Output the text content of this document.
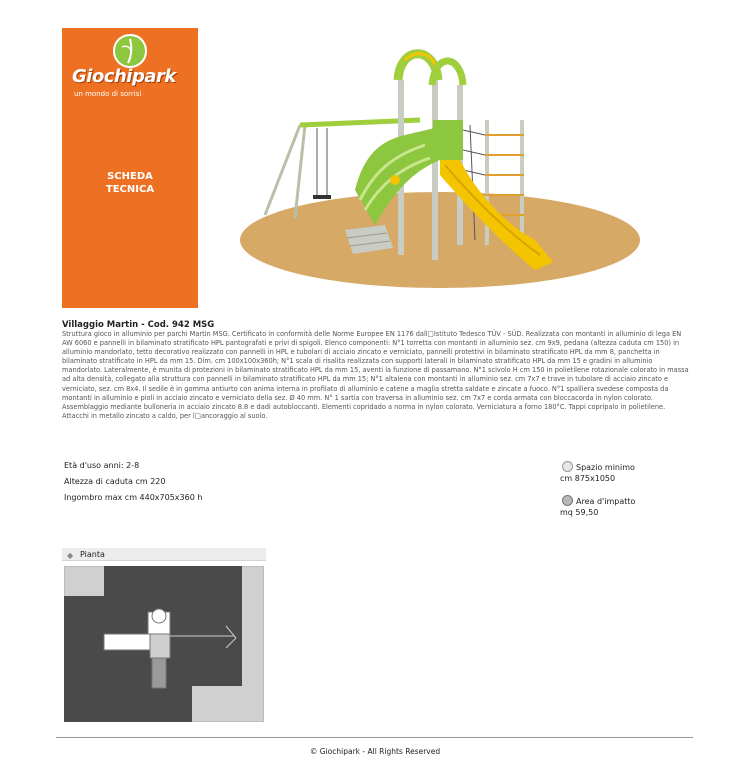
Giochipark
un mondo di sorrisi
SCHEDA
TECNICA
Villaggio Martin - Cod. 942 MSG
Struttura gioco in alluminio per parchi Martin MSG. Certificato in conformità delle Norme Europee EN 1176 dall□Istituto Tedesco TÜV - SÜD. Realizzata con montanti in alluminio di lega EN AW 6060 e pannelli in bilaminato stratificato HPL pantografati e privi di spigoli. Elenco componenti: N°1 torretta con montanti in alluminio sez. cm 9x9, pedana (altezza caduta cm 150) in alluminio mandorlato, tetto decorativo realizzato con pannelli in HPL e tubolari di acciaio zincato e verniciato, pannelli protettivi in bilaminato stratificato HPL da mm 8, panchetta in bilaminato stratificato in HPL da mm 15. Dim. cm 100x100x360h; N°1 scala di risalita realizzata con supporti laterali in bilaminato stratificato HPL da mm 15 e gradini in alluminio mandorlato. Lateralmente, è munita di protezioni in bilaminato stratificato HPL da mm 15, aventi la funzione di passamano. N°1 scivolo H cm 150 in polietilene rotazionale colorato in massa ad alta densità, collegato alla struttura con pannelli in bilaminato stratificato HPL da mm 15; N°1 altalena con montanti in alluminio sez. cm 7x7 e trave in tubolare di acciaio zincato e verniciato, sez. cm 8x4. Il sedile è in gomma antiurto con anima interna in profilato di alluminio e catene a maglia stretta saldate e zincate a fuoco. N°1 spalliera svedese composta da montanti in alluminio e pioli in acciaio zincato e verniciato della sez. Ø 40 mm. N° 1 sartia con traversa in alluminio sez. cm 7x7 e corda armata con bloccacorda in nylon colorato. Assemblaggio mediante bulloneria in acciaio zincato 8.8 e dadi autobloccanti. Elementi copridado a norma in nylon colorato. Verniciatura a forno 180°C. Tappi copripalo in polietilene. Attacchi in metallo zincato a caldo, per l□ancoraggio al suolo.
Età d'uso anni: 2-8
Altezza di caduta cm 220
Ingombro max cm 440x705x360 h
Spazio minimo
cm 875x1050
Area d'impatto
mq 59,50
◆ Pianta
© Giochipark - All Rights Reserved
